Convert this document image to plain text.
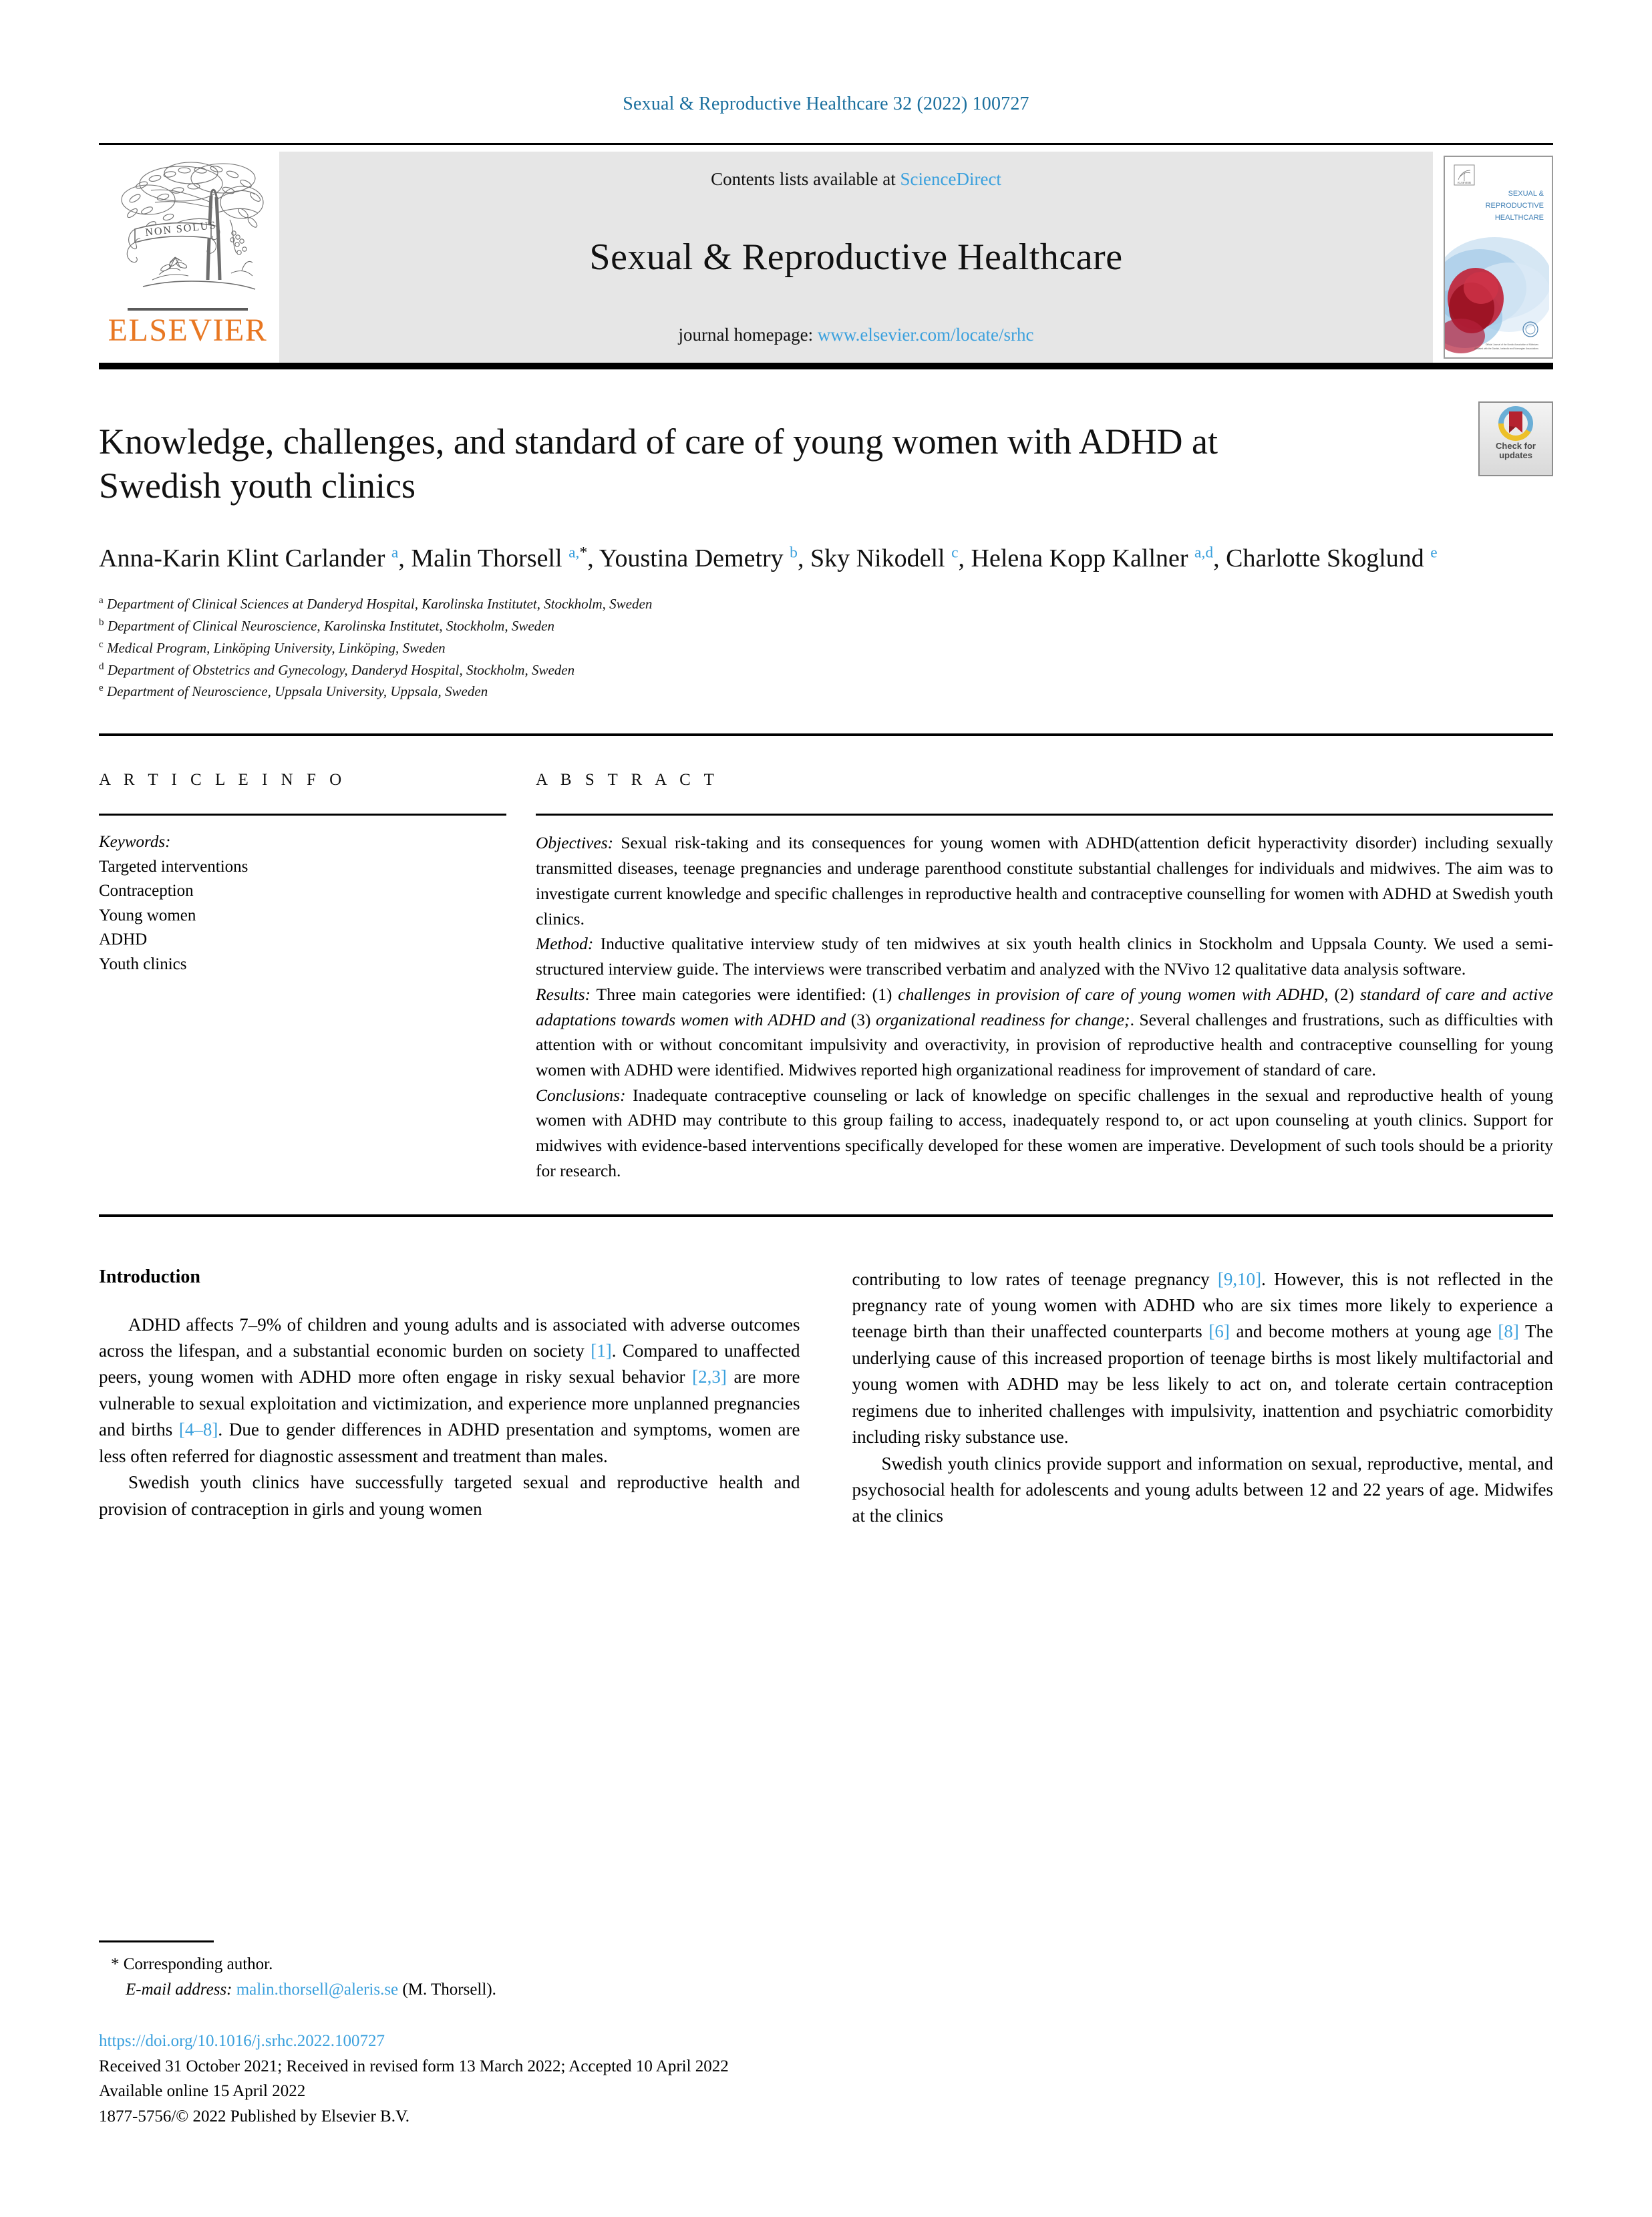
Sexual & Reproductive Healthcare 32 (2022) 100727
NON SOLUS
ELSEVIER
Contents lists available at ScienceDirect
Sexual & Reproductive Healthcare
journal homepage: www.elsevier.com/locate/srhc
ELSEVIER
SEXUAL &
REPRODUCTIVE
HEALTHCARE
Official Journal of the Nordic Association of Midwives
Affiliated with the Danish, Icelandic and Norwegian Associations
Check for
updates
Knowledge, challenges, and standard of care of young women with ADHD at Swedish youth clinics
Anna-Karin Klint Carlander $^a$, Malin Thorsell $^{a,*}$, Youstina Demetry $^b$, Sky Nikodell $^c$, Helena Kopp Kallner $^{a,d}$, Charlotte Skoglund $^e$
$^a$ Department of Clinical Sciences at Danderyd Hospital, Karolinska Institutet, Stockholm, Sweden
$^b$ Department of Clinical Neuroscience, Karolinska Institutet, Stockholm, Sweden
$^c$ Medical Program, Linköping University, Linköping, Sweden
$^d$ Department of Obstetrics and Gynecology, Danderyd Hospital, Stockholm, Sweden
$^e$ Department of Neuroscience, Uppsala University, Uppsala, Sweden
A R T I C L E I N F O
Keywords:
Targeted interventions
Contraception
Young women
ADHD
Youth clinics
A B S T R A C T

Objectives: Sexual risk-taking and its consequences for young women with ADHD(attention deficit hyperactivity disorder) including sexually transmitted diseases, teenage pregnancies and underage parenthood constitute substantial challenges for individuals and midwives. The aim was to investigate current knowledge and specific challenges in reproductive health and contraceptive counselling for women with ADHD at Swedish youth clinics.

Method: Inductive qualitative interview study of ten midwives at six youth health clinics in Stockholm and Uppsala County. We used a semi-structured interview guide. The interviews were transcribed verbatim and analyzed with the NVivo 12 qualitative data analysis software.

Results: Three main categories were identified: (1) challenges in provision of care of young women with ADHD, (2) standard of care and active adaptations towards women with ADHD and (3) organizational readiness for change;. Several challenges and frustrations, such as difficulties with attention with or without concomitant impulsivity and overactivity, in provision of reproductive health and contraceptive counselling for young women with ADHD were identified. Midwives reported high organizational readiness for improvement of standard of care.

Conclusions: Inadequate contraceptive counseling or lack of knowledge on specific challenges in the sexual and reproductive health of young women with ADHD may contribute to this group failing to access, inadequately respond to, or act upon counseling at youth clinics. Support for midwives with evidence-based interventions specifically developed for these women are imperative. Development of such tools should be a priority for research.

Introduction

ADHD affects 7–9% of children and young adults and is associated with adverse outcomes across the lifespan, and a substantial economic burden on society [1]. Compared to unaffected peers, young women with ADHD more often engage in risky sexual behavior [2,3] are more vulnerable to sexual exploitation and victimization, and experience more unplanned pregnancies and births [4–8]. Due to gender differences in ADHD presentation and symptoms, women are less often referred for diagnostic assessment and treatment than males.

Swedish youth clinics have successfully targeted sexual and reproductive health and provision of contraception in girls and young women

contributing to low rates of teenage pregnancy [9,10]. However, this is not reflected in the pregnancy rate of young women with ADHD who are six times more likely to experience a teenage birth than their unaffected counterparts [6] and become mothers at young age [8] The underlying cause of this increased proportion of teenage births is most likely multifactorial and young women with ADHD may be less likely to act on, and tolerate certain contraception regimens due to inherited challenges with impulsivity, inattention and psychiatric comorbidity including risky substance use.

Swedish youth clinics provide support and information on sexual, reproductive, mental, and psychosocial health for adolescents and young adults between 12 and 22 years of age. Midwifes at the clinics

* Corresponding author.
E-mail address: malin.thorsell@aleris.se (M. Thorsell).
https://doi.org/10.1016/j.srhc.2022.100727
Received 31 October 2021; Received in revised form 13 March 2022; Accepted 10 April 2022
Available online 15 April 2022
1877-5756/© 2022 Published by Elsevier B.V.
